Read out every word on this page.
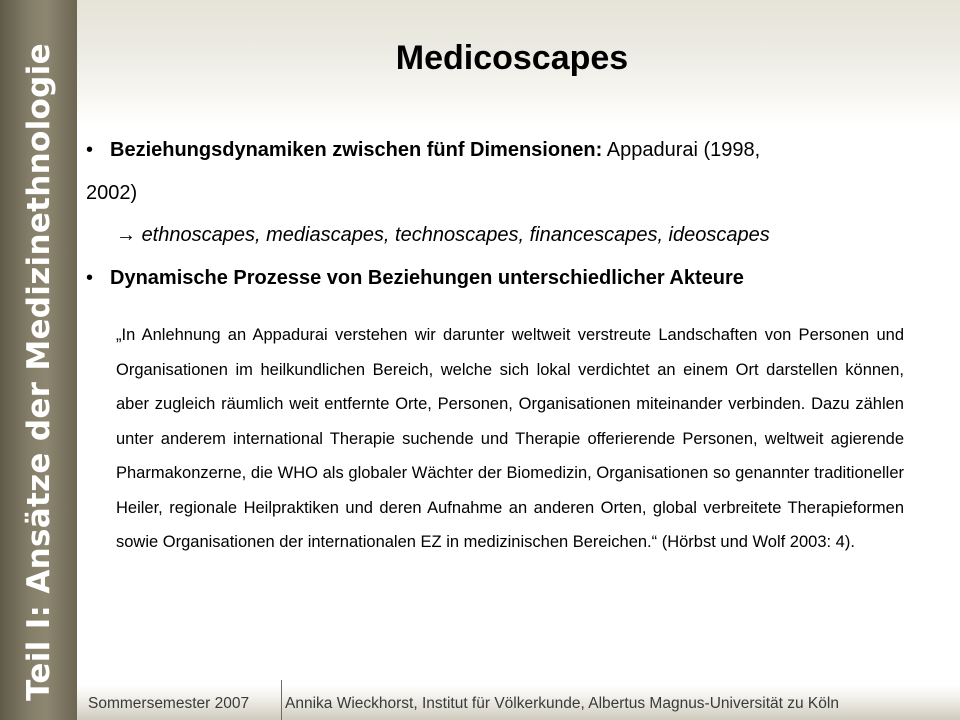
Teil I: Ansätze der Medizinethnologie	Medicoscapes
• Beziehungsdynamiken zwischen fünf Dimensionen: Appadurai (1998,
2002)
→ ethnoscapes, mediascapes, technoscapes, financescapes, ideoscapes
• Dynamische Prozesse von Beziehungen unterschiedlicher Akteure
„In Anlehnung an Appadurai verstehen wir darunter weltweit verstreute Landschaften von Personen und Organisationen im heilkundlichen Bereich, welche sich lokal verdichtet an einem Ort darstellen können, aber zugleich räumlich weit entfernte Orte, Personen, Organisationen miteinander verbinden. Dazu zählen unter anderem international Therapie suchende und Therapie offerierende Personen, weltweit agierende Pharmakonzerne, die WHO als globaler Wächter der Biomedizin, Organisationen so genannter traditioneller Heiler, regionale Heilpraktiken und deren Aufnahme an anderen Orten, global verbreitete Therapieformen sowie Organisationen der internationalen EZ in medizinischen Bereichen.“ (Hörbst und Wolf 2003: 4).
Sommersemester 2007 Annika Wieckhorst, Institut für Völkerkunde, Albertus Magnus-Universität zu Köln
